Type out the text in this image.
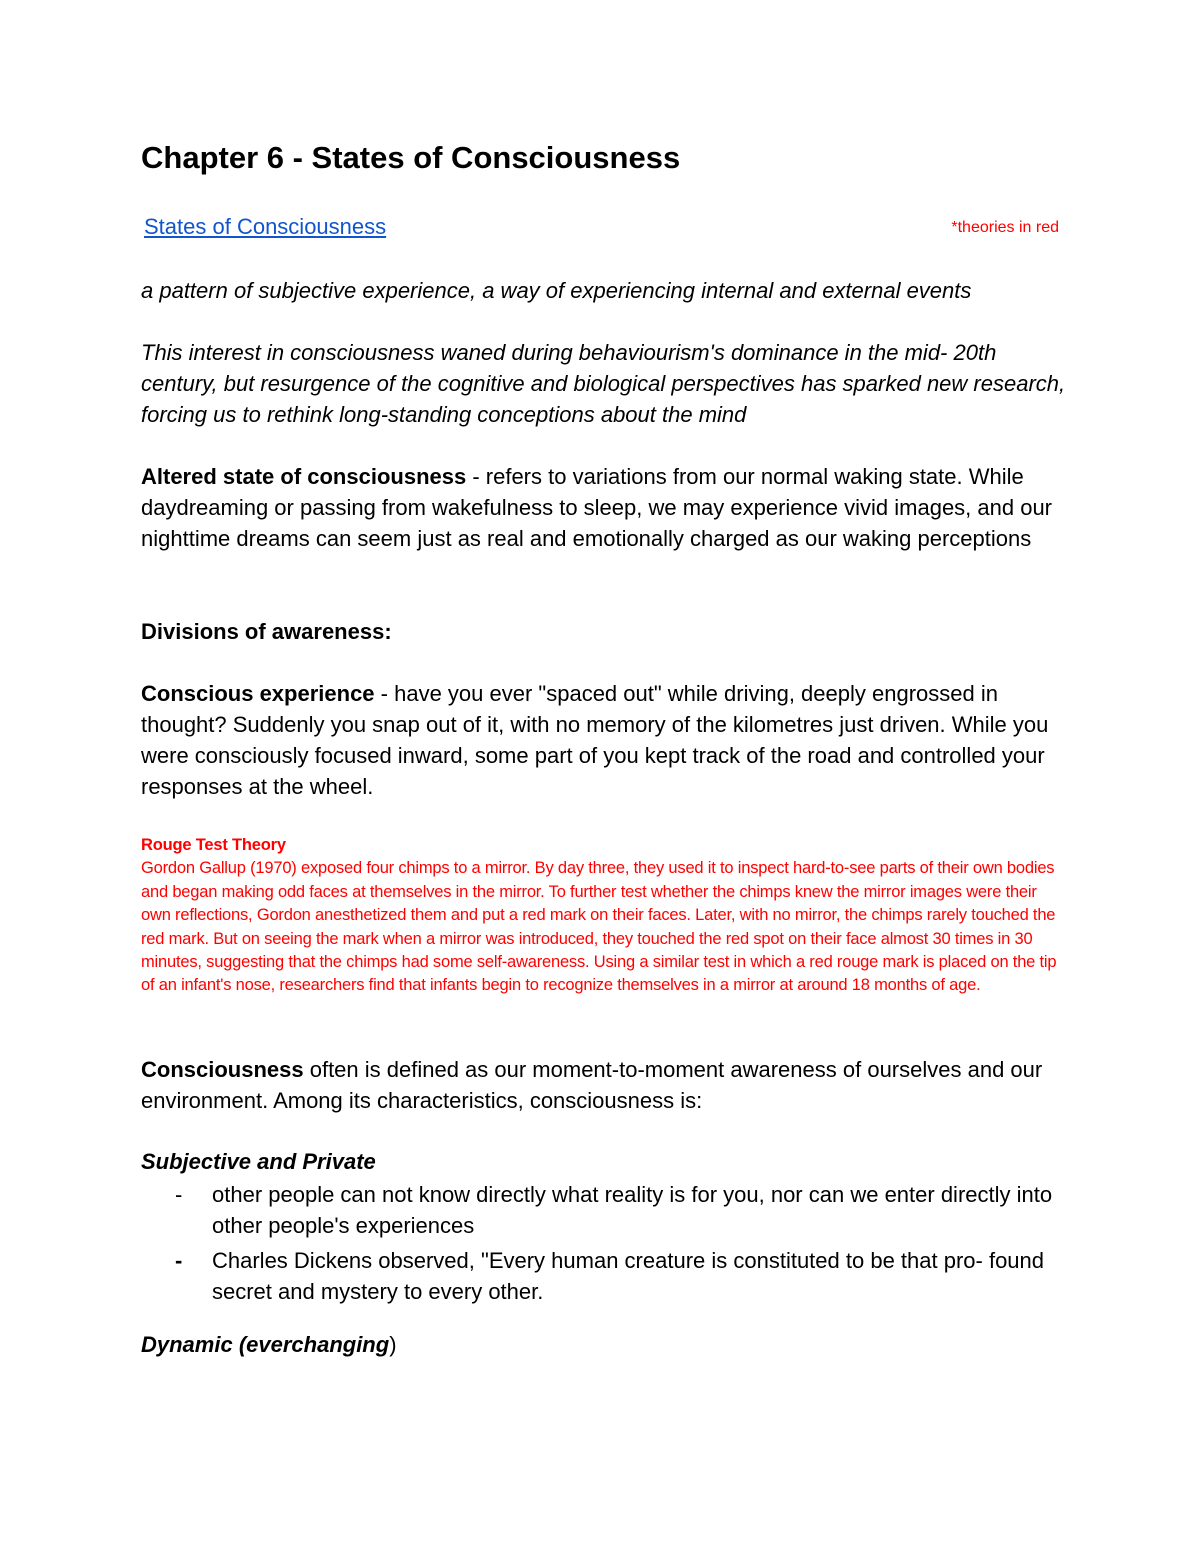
Chapter 6 - States of Consciousness
States of Consciousness	*theories in red

a pattern of subjective experience, a way of experiencing internal and external events

This interest in consciousness waned during behaviourism's dominance in the mid- 20th century, but resurgence of the cognitive and biological perspectives has sparked new research, forcing us to rethink long-standing conceptions about the mind

Altered state of consciousness - refers to variations from our normal waking state. While daydreaming or passing from wakefulness to sleep, we may experience vivid images, and our nighttime dreams can seem just as real and emotionally charged as our waking perceptions

Divisions of awareness:

Conscious experience - have you ever "spaced out" while driving, deeply engrossed in thought? Suddenly you snap out of it, with no memory of the kilometres just driven. While you were consciously focused inward, some part of you kept track of the road and controlled your responses at the wheel.

Rouge Test Theory
Gordon Gallup (1970) exposed four chimps to a mirror. By day three, they used it to inspect hard-to-see parts of their own bodies and began making odd faces at themselves in the mirror. To further test whether the chimps knew the mirror images were their own reflections, Gordon anesthetized them and put a red mark on their faces. Later, with no mirror, the chimps rarely touched the red mark. But on seeing the mark when a mirror was introduced, they touched the red spot on their face almost 30 times in 30 minutes, suggesting that the chimps had some self-awareness. Using a similar test in which a red rouge mark is placed on the tip of an infant's nose, researchers find that infants begin to recognize themselves in a mirror at around 18 months of age.

Consciousness often is defined as our moment-to-moment awareness of ourselves and our environment. Among its characteristics, consciousness is:

Subjective and Private
- other people can not know directly what reality is for you, nor can we enter directly into other people's experiences
- Charles Dickens observed, "Every human creature is constituted to be that pro- found secret and mystery to every other.
Dynamic (everchanging)
